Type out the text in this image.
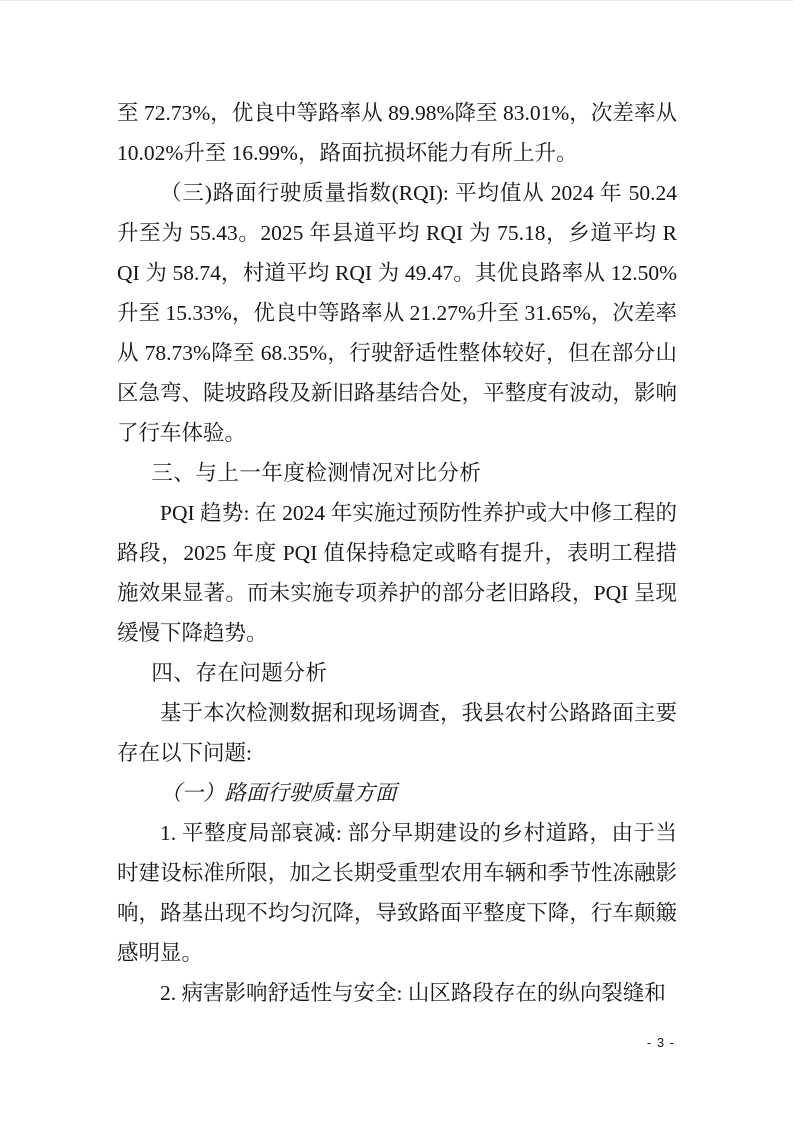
至 72.73%，优良中等路率从 89.98%降至 83.01%，次差率从 10.02%升至 16.99%，路面抗损坏能力有所上升。

（三)路面行驶质量指数(RQI): 平均值从 2024 年 50.24 升至为 55.43。2025 年县道平均 RQI 为 75.18，乡道平均 RQI 为 58.74，村道平均 RQI 为 49.47。其优良路率从 12.50%升至 15.33%，优良中等路率从 21.27%升至 31.65%，次差率从 78.73%降至 68.35%，行驶舒适性整体较好，但在部分山区急弯、陡坡路段及新旧路基结合处，平整度有波动，影响了行车体验。

三、与上一年度检测情况对比分析

PQI 趋势: 在 2024 年实施过预防性养护或大中修工程的路段，2025 年度 PQI 值保持稳定或略有提升，表明工程措施效果显著。而未实施专项养护的部分老旧路段，PQI 呈现缓慢下降趋势。

四、存在问题分析

基于本次检测数据和现场调查，我县农村公路路面主要存在以下问题:

（一）路面行驶质量方面

1. 平整度局部衰减: 部分早期建设的乡村道路，由于当时建设标准所限，加之长期受重型农用车辆和季节性冻融影响，路基出现不均匀沉降，导致路面平整度下降，行车颠簸感明显。

2. 病害影响舒适性与安全: 山区路段存在的纵向裂缝和

- 3 -
